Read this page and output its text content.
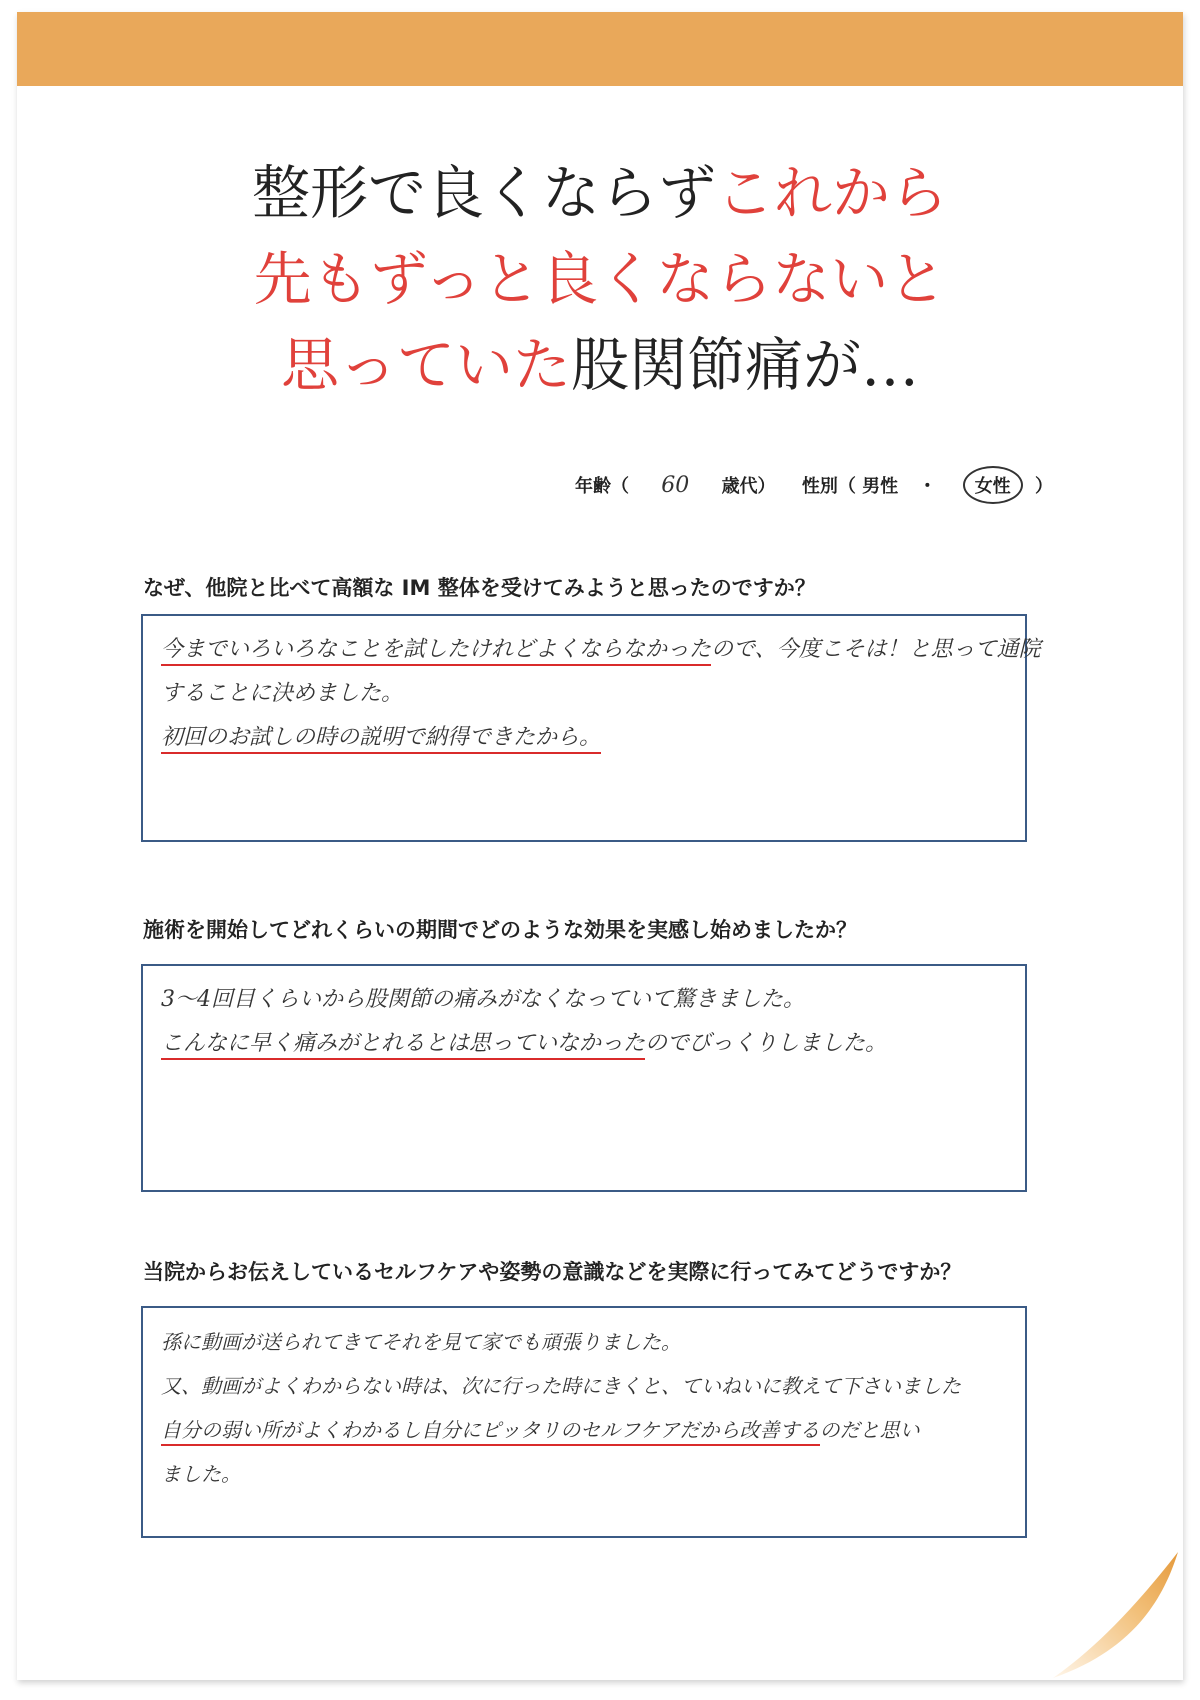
整形で良くならずこれから
先もずっと良くならないと
思っていた股関節痛が…
年齢（ 60 歳代） 性別（ 男性 ・ 女性 ）
なぜ、他院と比べて高額な IM 整体を受けてみようと思ったのですか？
今までいろいろなことを試したけれどよくならなかったので、今度こそは！と思って通院
することに決めました。
初回のお試しの時の説明で納得できたから。
施術を開始してどれくらいの期間でどのような効果を実感し始めましたか？
3〜4回目くらいから股関節の痛みがなくなっていて驚きました。
こんなに早く痛みがとれるとは思っていなかったのでびっくりしました。
当院からお伝えしているセルフケアや姿勢の意識などを実際に行ってみてどうですか？
孫に動画が送られてきてそれを見て家でも頑張りました。
又、動画がよくわからない時は、次に行った時にきくと、ていねいに教えて下さいました
自分の弱い所がよくわかるし自分にピッタリのセルフケアだから改善するのだと思い
ました。
